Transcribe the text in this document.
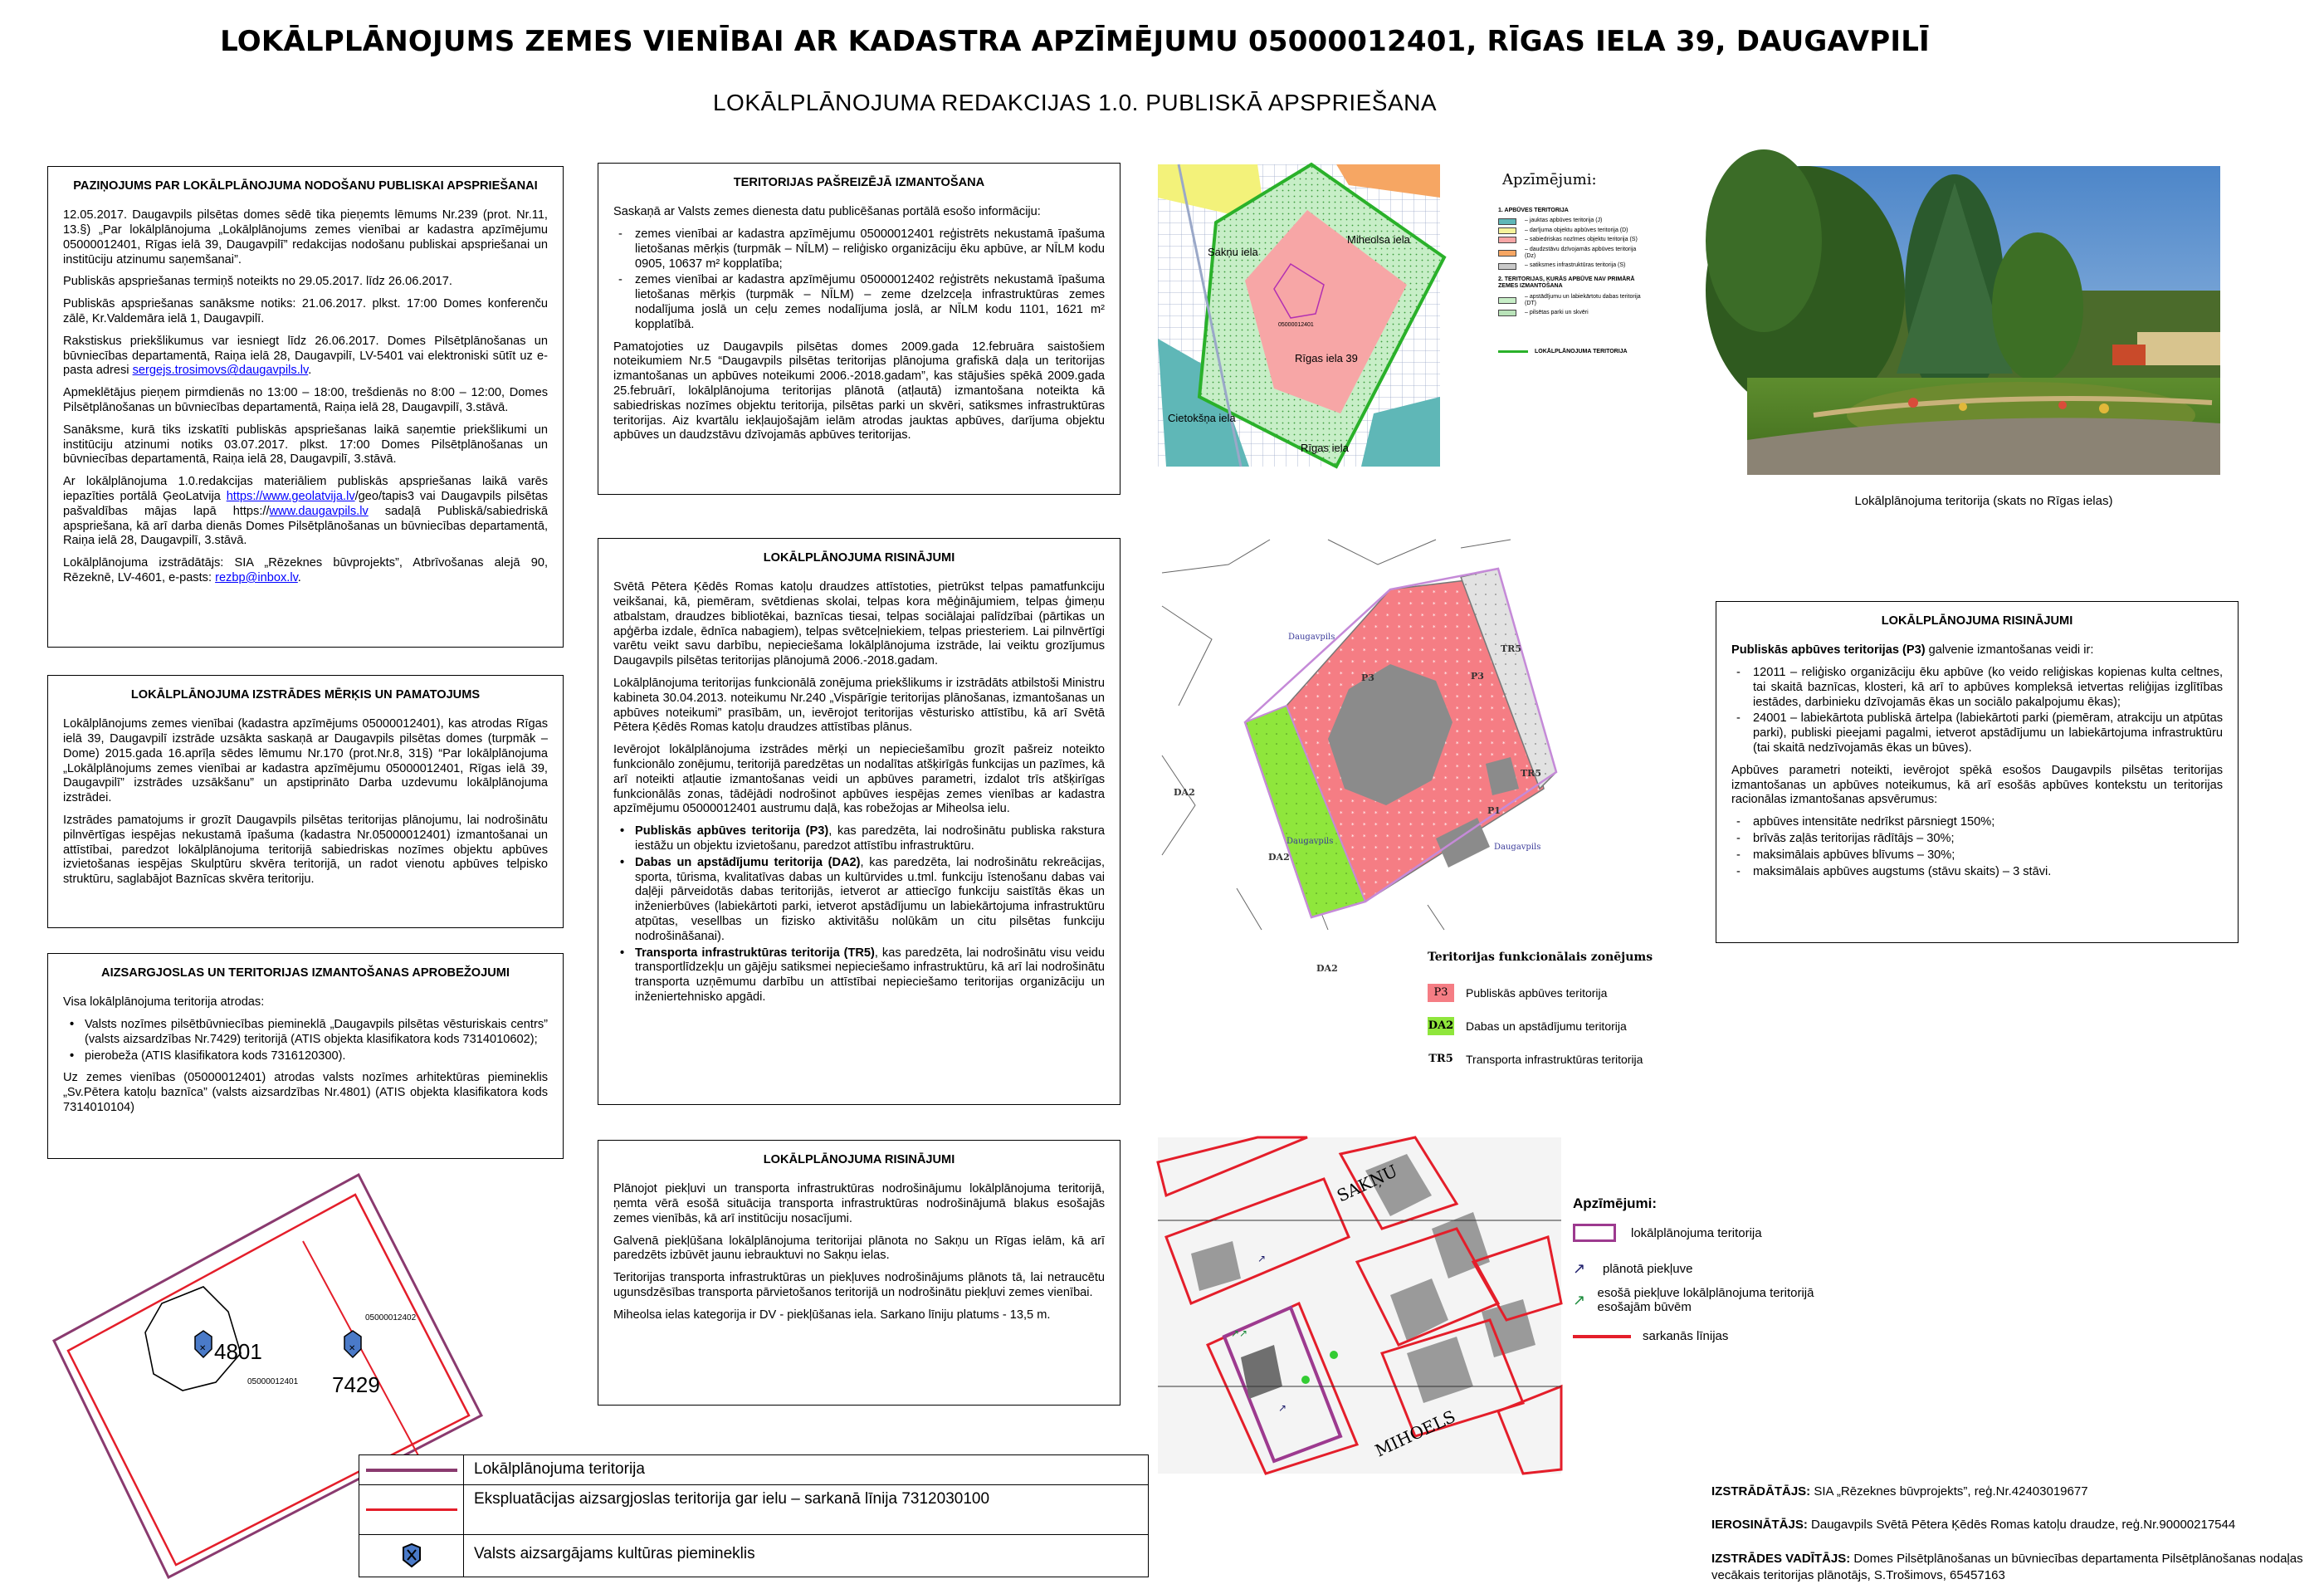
LOKĀLPLĀNOJUMS ZEMES VIENĪBAI AR KADASTRA APZĪMĒJUMU 05000012401, RĪGAS IELA 39, DAUGAVPILĪ
LOKĀLPLĀNOJUMA REDAKCIJAS 1.0. PUBLISKĀ APSPRIEŠANA
PAZIŅOJUMS PAR LOKĀLPLĀNOJUMA NODOŠANU PUBLISKAI APSPRIEŠANAI

12.05.2017. Daugavpils pilsētas domes sēdē tika pieņemts lēmums Nr.239 (prot. Nr.11, 13.§) „Par lokālplānojuma „Lokālplānojums zemes vienībai ar kadastra apzīmējumu 05000012401, Rīgas ielā 39, Daugavpilī” redakcijas nodošanu publiskai apspriešanai un institūciju atzinumu saņemšanai”.

Publiskās apspriešanas termiņš noteikts no 29.05.2017. līdz 26.06.2017.

Publiskās apspriešanas sanāksme notiks: 21.06.2017. plkst. 17:00 Domes konferenču zālē, Kr.Valdemāra ielā 1, Daugavpilī.

Rakstiskus priekšlikumus var iesniegt līdz 26.06.2017. Domes Pilsētplānošanas un būvniecības departamentā, Raiņa ielā 28, Daugavpilī, LV-5401 vai elektroniski sūtīt uz e-pasta adresi sergejs.trosimovs@daugavpils.lv.

Apmeklētājus pieņem pirmdienās no 13:00 – 18:00, trešdienās no 8:00 – 12:00, Domes Pilsētplānošanas un būvniecības departamentā, Raiņa ielā 28, Daugavpilī, 3.stāvā.

Sanāksme, kurā tiks izskatīti publiskās apspriešanas laikā saņemtie priekšlikumi un institūciju atzinumi notiks 03.07.2017. plkst. 17:00 Domes Pilsētplānošanas un būvniecības departamentā, Raiņa ielā 28, Daugavpilī, 3.stāvā.

Ar lokālplānojuma 1.0.redakcijas materiāliem publiskās apspriešanas laikā varēs iepazīties portālā ĢeoLatvija https://www.geolatvija.lv/geo/tapis3 vai Daugavpils pilsētas pašvaldības mājas lapā https://www.daugavpils.lv sadaļā Publiskā/sabiedriskā apspriešana, kā arī darba dienās Domes Pilsētplānošanas un būvniecības departamentā, Raiņa ielā 28, Daugavpilī, 3.stāvā.

Lokālplānojuma izstrādātājs: SIA „Rēzeknes būvprojekts”, Atbrīvošanas alejā 90, Rēzeknē, LV-4601, e-pasts: rezbp@inbox.lv.

LOKĀLPLĀNOJUMA IZSTRĀDES MĒRĶIS UN PAMATOJUMS

Lokālplānojums zemes vienībai (kadastra apzīmējums 05000012401), kas atrodas Rīgas ielā 39, Daugavpilī izstrāde uzsākta saskaņā ar Daugavpils pilsētas domes (turpmāk – Dome) 2015.gada 16.aprīļa sēdes lēmumu Nr.170 (prot.Nr.8, 31§) “Par lokālplānojuma „Lokālplānojums zemes vienībai ar kadastra apzīmējumu 05000012401, Rīgas ielā 39, Daugavpilī” izstrādes uzsākšanu” un apstiprināto Darba uzdevumu lokālplānojuma izstrādei.

Izstrādes pamatojums ir grozīt Daugavpils pilsētas teritorijas plānojumu, lai nodrošinātu pilnvērtīgas iespējas nekustamā īpašuma (kadastra Nr.05000012401) izmantošanai un attīstībai, paredzot lokālplānojuma teritorijā sabiedriskas nozīmes objektu apbūves izvietošanas iespējas Skulptūru skvēra teritorijā, un radot vienotu apbūves telpisko struktūru, saglabājot Baznīcas skvēra teritoriju.

AIZSARGJOSLAS UN TERITORIJAS IZMANTOŠANAS APROBEŽOJUMI

Visa lokālplānojuma teritorija atrodas:

• Valsts nozīmes pilsētbūvniecības piemineklā „Daugavpils pilsētas vēsturiskais centrs” (valsts aizsardzības Nr.7429) teritorijā (ATIS objekta klasifikatora kods 7314010602);
• pierobeža (ATIS klasifikatora kods 7316120300).

Uz zemes vienības (05000012401) atrodas valsts nozīmes arhitektūras piemineklis „Sv.Pētera katoļu baznīca” (valsts aizsardzības Nr.4801) (ATIS objekta klasifikatora kods 7314010104)

TERITORIJAS PAŠREIZĒJĀ IZMANTOŠANA

Saskaņā ar Valsts zemes dienesta datu publicēšanas portālā esošo informāciju:

- zemes vienībai ar kadastra apzīmējumu 05000012401 reģistrēts nekustamā īpašuma lietošanas mērķis (turpmāk – NĪLM) – reliģisko organizāciju ēku apbūve, ar NĪLM kodu 0905, 10637 m² kopplatība;
- zemes vienībai ar kadastra apzīmējumu 05000012402 reģistrēts nekustamā īpašuma lietošanas mērķis (turpmāk – NĪLM) – zeme dzelzceļa infrastruktūras zemes nodalījuma joslā un ceļu zemes nodalījuma joslā, ar NĪLM kodu 1101, 1621 m² kopplatībā.

Pamatojoties uz Daugavpils pilsētas domes 2009.gada 12.februāra saistošiem noteikumiem Nr.5 “Daugavpils pilsētas teritorijas plānojuma grafiskā daļa un teritorijas izmantošanas un apbūves noteikumi 2006.-2018.gadam”, kas stājušies spēkā 2009.gada 25.februārī, lokālplānojuma teritorijas plānotā (atļautā) izmantošana noteikta kā sabiedriskas nozīmes objektu teritorija, pilsētas parki un skvēri, satiksmes infrastruktūras teritorijas. Aiz kvartālu iekļaujošajām ielām atrodas jauktas apbūves, darījuma objektu apbūves un daudzstāvu dzīvojamās apbūves teritorijas.

LOKĀLPLĀNOJUMA RISINĀJUMI

Svētā Pētera Ķēdēs Romas katoļu draudzes attīstoties, pietrūkst telpas pamatfunkciju veikšanai, kā, piemēram, svētdienas skolai, telpas kora mēģinājumiem, telpas ģimeņu atbalstam, draudzes bibliotēkai, baznīcas tiesai, telpas sociālajai palīdzībai (pārtikas un apģērba izdale, ēdnīca nabagiem), telpas svētceļniekiem, telpas priesteriem. Lai pilnvērtīgi varētu veikt savu darbību, nepieciešama lokālplānojuma izstrāde, lai veiktu grozījumus Daugavpils pilsētas teritorijas plānojumā 2006.-2018.gadam.

Lokālplānojuma teritorijas funkcionālā zonējuma priekšlikums ir izstrādāts atbilstoši Ministru kabineta 30.04.2013. noteikumu Nr.240 „Vispārīgie teritorijas plānošanas, izmantošanas un apbūves noteikumi” prasībām, un, ievērojot teritorijas vēsturisko attīstību, kā arī Svētā Pētera Ķēdēs Romas katoļu draudzes attīstības plānus.

Ievērojot lokālplānojuma izstrādes mērķi un nepieciešamību grozīt pašreiz noteikto funkcionālo zonējumu, teritorijā paredzētas un nodalītas atšķirīgās funkcijas un pazīmes, kā arī noteikti atļautie izmantošanas veidi un apbūves parametri, izdalot trīs atšķirīgas funkcionālās zonas, tādējādi nodrošinot apbūves iespējas zemes vienības ar kadastra apzīmējumu 05000012401 austrumu daļā, kas robežojas ar Miheolsa ielu.

• Publiskās apbūves teritorija (P3), kas paredzēta, lai nodrošinātu publiska rakstura iestāžu un objektu izvietošanu, paredzot attīstību infrastruktūru.
• Dabas un apstādījumu teritorija (DA2), kas paredzēta, lai nodrošinātu rekreācijas, sporta, tūrisma, kvalitatīvas dabas un kultūrvides u.tml. funkciju īstenošanu dabas vai daļēji pārveidotās dabas teritorijās, ietverot ar attiecīgo funkciju saistītās ēkas un inženierbūves (labiekārtoti parki, ietverot apstādījumu un labiekārtojuma infrastruktūru atpūtas, vesellbas un fizisko aktivitāšu nolūkām un citu pilsētas funkciju nodrošināšanai).
• Transporta infrastruktūras teritorija (TR5), kas paredzēta, lai nodrošinātu visu veidu transportlīdzekļu un gājēju satiksmei nepieciešamo infrastruktūru, kā arī lai nodrošinātu transporta uzņēmumu darbību un attīstībai nepieciešamo teritorijas organizāciju un inženiertehnisko apgādi.
LOKĀLPLĀNOJUMA RISINĀJUMI

Plānojot piekļuvi un transporta infrastruktūras nodrošinājumu lokālplānojuma teritorijā, ņemta vērā esošā situācija transporta infrastruktūras nodrošinājumā blakus esošajās zemes vienībās, kā arī institūciju nosacījumi.

Galvenā piekļūšana lokālplānojuma teritorijai plānota no Sakņu un Rīgas ielām, kā arī paredzēts izbūvēt jaunu iebrauktuvi no Sakņu ielas.

Teritorijas transporta infrastruktūras un piekļuves nodrošinājums plānots tā, lai netraucētu ugunsdzēsības transporta pārvietošanos teritorijā un nodrošinātu piekļuvi zemes vienībai.

Miheolsa ielas kategorija ir DV - piekļūšanas iela. Sarkano līniju platums - 13,5 m.

LOKĀLPLĀNOJUMA RISINĀJUMI

Publiskās apbūves teritorijas (P3) galvenie izmantošanas veidi ir:

- 12011 – reliģisko organizāciju ēku apbūve (ko veido reliģiskas kopienas kulta celtnes, tai skaitā baznīcas, klosteri, kā arī to apbūves kompleksā ietvertas reliģijas izglītības iestādes, darbinieku dzīvojamās ēkas un sociālo pakalpojumu ēkas);
- 24001 – labiekārtota publiskā ārtelpa (labiekārtoti parki (piemēram, atrakciju un atpūtas parki), publiski pieejami pagalmi, ietverot apstādījumu un labiekārtojuma infrastruktūru (tai skaitā nedzīvojamās ēkas un būves).

Apbūves parametri noteikti, ievērojot spēkā esošos Daugavpils pilsētas teritorijas izmantošanas un apbūves noteikumus, kā arī esošās apbūves kontekstu un teritorijas racionālas izmantošanas apsvērumus:

- apbūves intensitāte nedrīkst pārsniegt 150%;
- brīvās zaļās teritorijas rādītājs – 30%;
- maksimālais apbūves blīvums – 30%;
- maksimālais apbūves augstums (stāvu skaits) – 3 stāvi.
Sakņu iela
Miheolsa iela
Rīgas iela 39
Cietokšņa iela
Rīgas iela
05000012401
Apzīmējumi:
1. APBŪVES TERITORIJA
– jauktas apbūves teritorija (J)
– darījuma objektu apbūves teritorija (D)
– sabiedriskas nozīmes objektu teritorija (S)
– daudzstāvu dzīvojamās apbūves teritorija (Dz)
– satiksmes infrastruktūras teritorija (S)
2. TERITORIJAS, KURĀS APBŪVE NAV PRIMĀRĀ ZEMES IZMANTOŠANA
– apstādījumu un labiekārtotu dabas teritorija (DT)
– pilsētas parki un skvēri
LOKĀLPLĀNOJUMA TERITORIJA
Lokālplānojuma teritorija (skats no Rīgas ielas)
P3	P3
P1
TR5
TR5
DA2
DA2
DA2
Daugavpils
Daugavpils
Daugavpils
Teritorijas funkcionālais zonējums
P3	Publiskās apbūves teritorija
DA2 Dabas un apstādījumu teritorija
TR5 Transporta infrastruktūras teritorija
↗
↗↗
↗
SAKŅU
MIHOELS
Apzīmējumi:
lokālplānojuma teritorija
↗	plānotā piekļuve
↗ esošā piekļuve lokālplānojuma teritorijā esošajām būvēm
sarkanās līnijas
✕	✕
4801
7429
05000012402
05000012401
Lokālplānojuma teritorija
Ekspluatācijas aizsargjoslas teritorija gar ielu – sarkanā līnija 7312030100
Valsts aizsargājams kultūras piemineklis
IZSTRĀDĀTĀJS: SIA „Rēzeknes būvprojekts”, reģ.Nr.42403019677
IEROSINĀTĀJS: Daugavpils Svētā Pētera Ķēdēs Romas katoļu draudze, reģ.Nr.90000217544
IZSTRĀDES VADĪTĀJS: Domes Pilsētplānošanas un būvniecības departamenta Pilsētplānošanas nodaļas vecākais teritorijas plānotājs, S.Trošimovs, 65457163
